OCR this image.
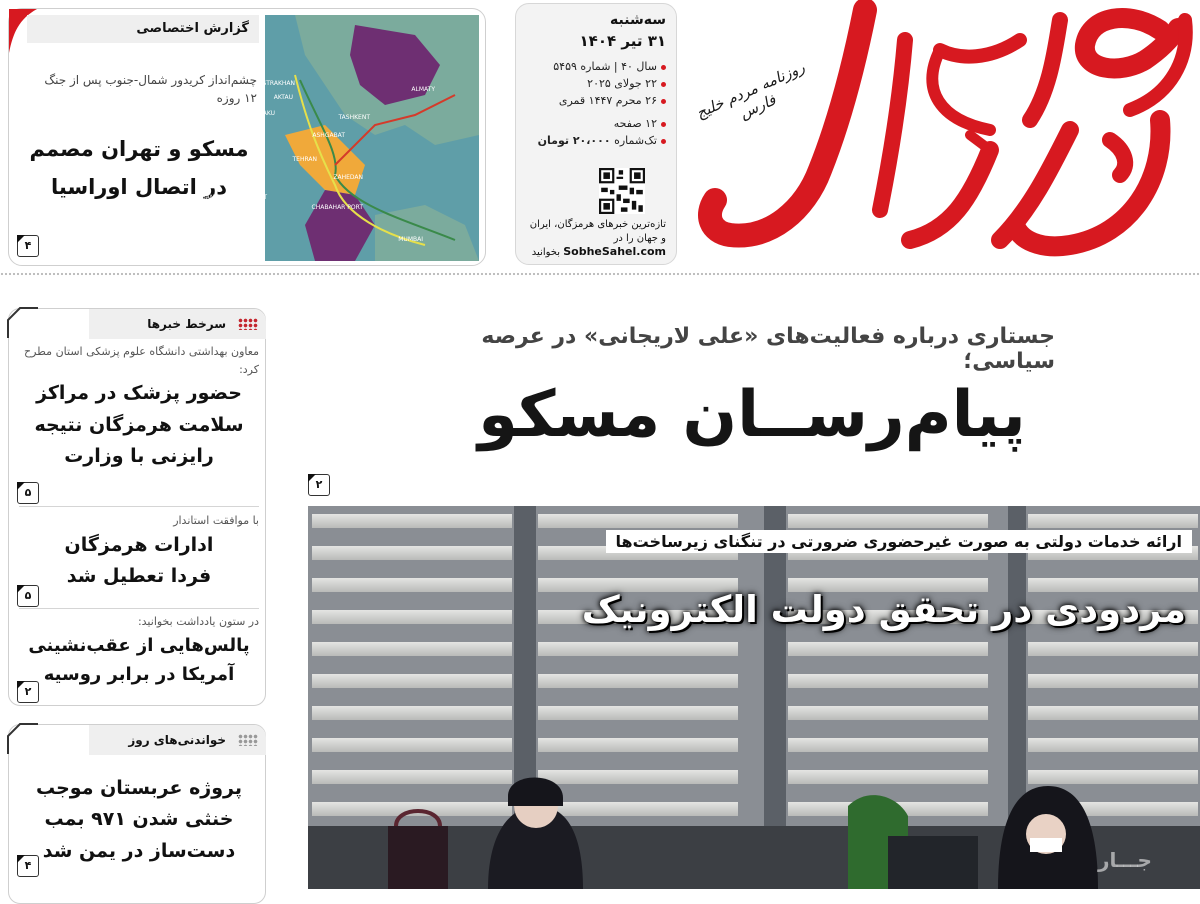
روزنامه مردم خلیج فارس
سه‌شنبه
۳۱ تیر ۱۴۰۴
سال ۴۰ | شماره ۵۴۵۹
۲۲ جولای ۲۰۲۵
۲۶ محرم ۱۴۴۷ قمری
۱۲ صفحه
تک‌شماره ۲۰،۰۰۰ تومان
تازه‌ترین خبرهای هرمزگان، ایران و جهان را در SobheSahel.com بخوانید
گزارش اختصاصی
چشم‌انداز کریدور شمال-جنوب پس از جنگ ۱۲ روزه
مسکو و تهران مصمم در اتصال اوراسیا
۴
ASTRAKHAN
AKTAU
TASHKENT
ALMATY
ASHGABAT
TEHRAN
ZAHEDAN
BANDAR ABBAS PORT
CHABAHAR PORT
MUMBAI
BAKU
سرخط خبرها
معاون بهداشتی دانشگاه علوم پزشکی استان مطرح کرد:
حضور پزشک در مراکز سلامت هرمزگان نتیجه رایزنی با وزارت
۵
با موافقت استاندار
ادارات هرمزگان فردا تعطیل شد
۵
در ستون یادداشت بخوانید:
پالس‌هایی از عقب‌نشینی آمریکا در برابر روسیه
۲
خواندنی‌های روز
پروژه عربستان موجب خنثی شدن ۹۷۱ بمب دست‌ساز در یمن شد
۴
جستاری درباره فعالیت‌های «علی لاریجانی» در عرصه سیاسی؛
پیام‌رســان مسکو
۲
ارائه خدمات دولتی به صورت غیرحضوری ضرورتی در تنگنای زیرساخت‌ها
مردودی در تحقق دولت الکترونیک
جـــار
